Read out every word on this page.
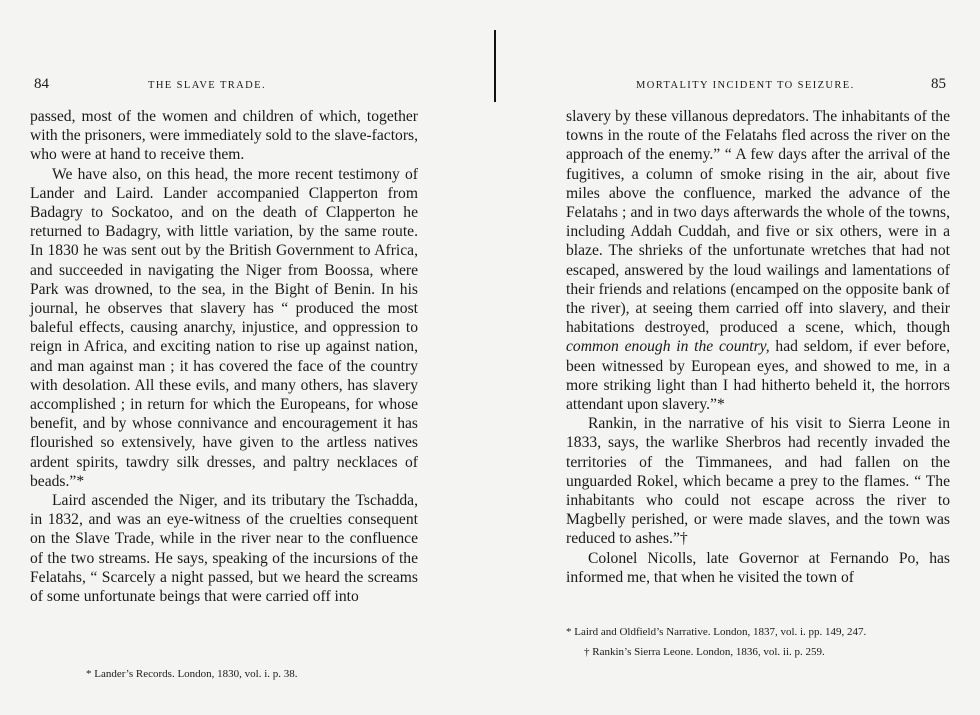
84	THE SLAVE TRADE.

passed, most of the women and children of which, together with the prisoners, were immediately sold to the slave-factors, who were at hand to receive them.

We have also, on this head, the more recent testimony of Lander and Laird. Lander accompanied Clapperton from Badagry to Sockatoo, and on the death of Clapperton he returned to Badagry, with little variation, by the same route. In 1830 he was sent out by the British Government to Africa, and succeeded in navigating the Niger from Boossa, where Park was drowned, to the sea, in the Bight of Benin. In his journal, he observes that slavery has “ produced the most baleful effects, causing anarchy, injustice, and oppression to reign in Africa, and exciting nation to rise up against nation, and man against man ; it has covered the face of the country with desolation. All these evils, and many others, has slavery accomplished ; in return for which the Europeans, for whose benefit, and by whose connivance and encouragement it has flourished so extensively, have given to the artless natives ardent spirits, tawdry silk dresses, and paltry necklaces of beads.”*

Laird ascended the Niger, and its tributary the Tschadda, in 1832, and was an eye-witness of the cruelties consequent on the Slave Trade, while in the river near to the confluence of the two streams. He says, speaking of the incursions of the Felatahs, “ Scarcely a night passed, but we heard the screams of some unfortunate beings that were carried off into

* Lander’s Records. London, 1830, vol. i. p. 38.

MORTALITY INCIDENT TO SEIZURE.	85

slavery by these villanous depredators. The inhabitants of the towns in the route of the Felatahs fled across the river on the approach of the enemy.” “ A few days after the arrival of the fugitives, a column of smoke rising in the air, about five miles above the confluence, marked the advance of the Felatahs ; and in two days afterwards the whole of the towns, including Addah Cuddah, and five or six others, were in a blaze. The shrieks of the unfortunate wretches that had not escaped, answered by the loud wailings and lamentations of their friends and relations (encamped on the opposite bank of the river), at seeing them carried off into slavery, and their habitations destroyed, produced a scene, which, though common enough in the country, had seldom, if ever before, been witnessed by European eyes, and showed to me, in a more striking light than I had hitherto beheld it, the horrors attendant upon slavery.”*

Rankin, in the narrative of his visit to Sierra Leone in 1833, says, the warlike Sherbros had recently invaded the territories of the Timmanees, and had fallen on the unguarded Rokel, which became a prey to the flames. “ The inhabitants who could not escape across the river to Magbelly perished, or were made slaves, and the town was reduced to ashes.”†

Colonel Nicolls, late Governor at Fernando Po, has informed me, that when he visited the town of

* Laird and Oldfield’s Narrative. London, 1837, vol. i. pp. 149, 247.

† Rankin’s Sierra Leone. London, 1836, vol. ii. p. 259.
